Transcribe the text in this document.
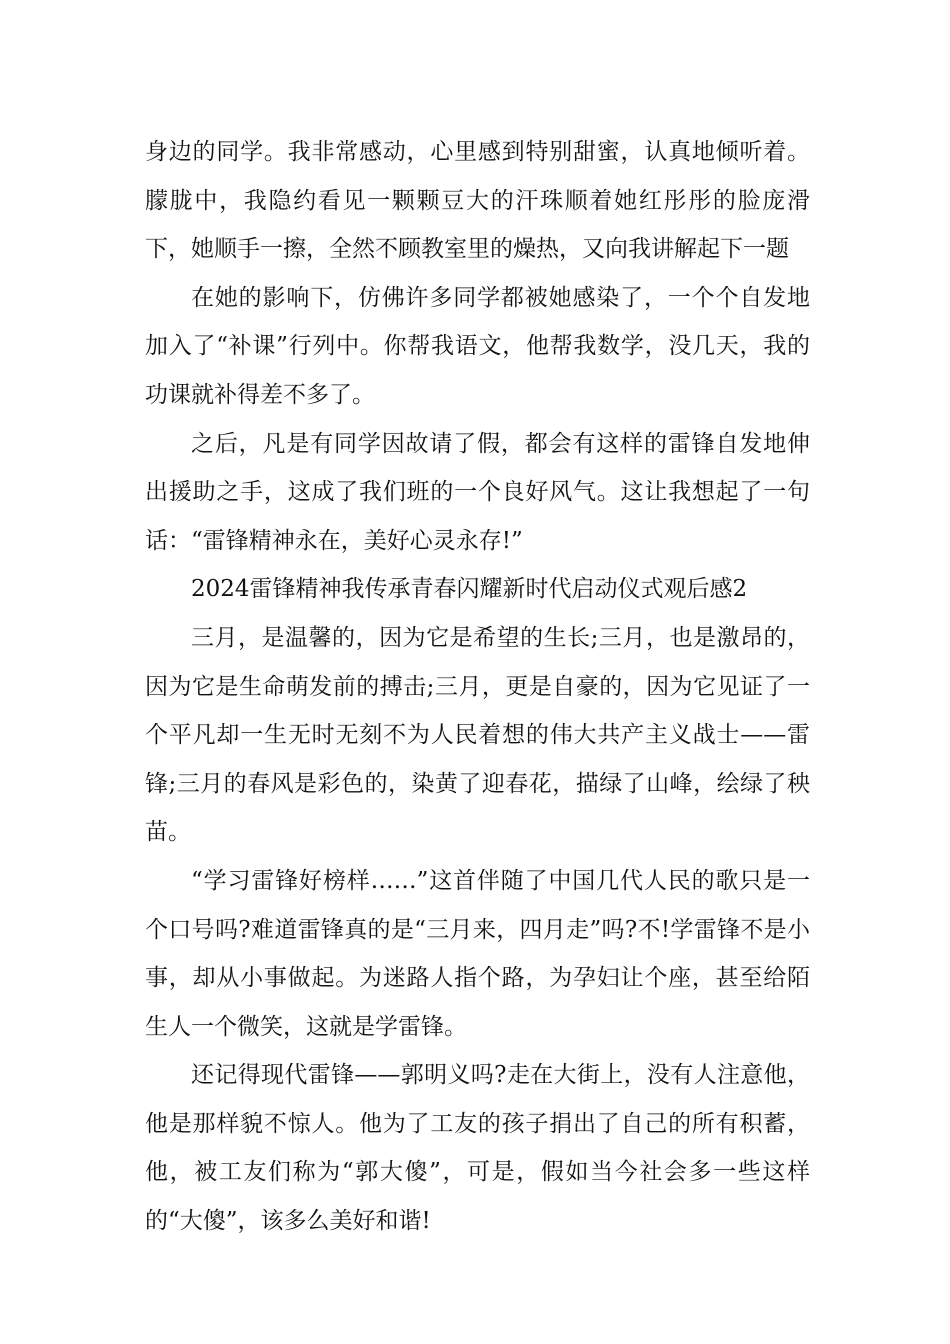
身边的同学。我非常感动，心里感到特别甜蜜，认真地倾听着。朦胧中，我隐约看见一颗颗豆大的汗珠顺着她红彤彤的脸庞滑下，她顺手一擦，全然不顾教室里的燥热，又向我讲解起下一题

在她的影响下，仿佛许多同学都被她感染了，一个个自发地加入了“补课”行列中。你帮我语文，他帮我数学，没几天，我的功课就补得差不多了。

之后，凡是有同学因故请了假，都会有这样的雷锋自发地伸出援助之手，这成了我们班的一个良好风气。这让我想起了一句话：“雷锋精神永在，美好心灵永存!”

2024雷锋精神我传承青春闪耀新时代启动仪式观后感2

三月，是温馨的，因为它是希望的生长;三月，也是激昂的，因为它是生命萌发前的搏击;三月，更是自豪的，因为它见证了一个平凡却一生无时无刻不为人民着想的伟大共产主义战士——雷锋;三月的春风是彩色的，染黄了迎春花，描绿了山峰，绘绿了秧苗。

“学习雷锋好榜样……”这首伴随了中国几代人民的歌只是一个口号吗?难道雷锋真的是“三月来，四月走”吗?不!学雷锋不是小事，却从小事做起。为迷路人指个路，为孕妇让个座，甚至给陌生人一个微笑，这就是学雷锋。

还记得现代雷锋——郭明义吗?走在大街上，没有人注意他，他是那样貌不惊人。他为了工友的孩子捐出了自己的所有积蓄，他，被工友们称为“郭大傻”，可是，假如当今社会多一些这样的“大傻”，该多么美好和谐!
